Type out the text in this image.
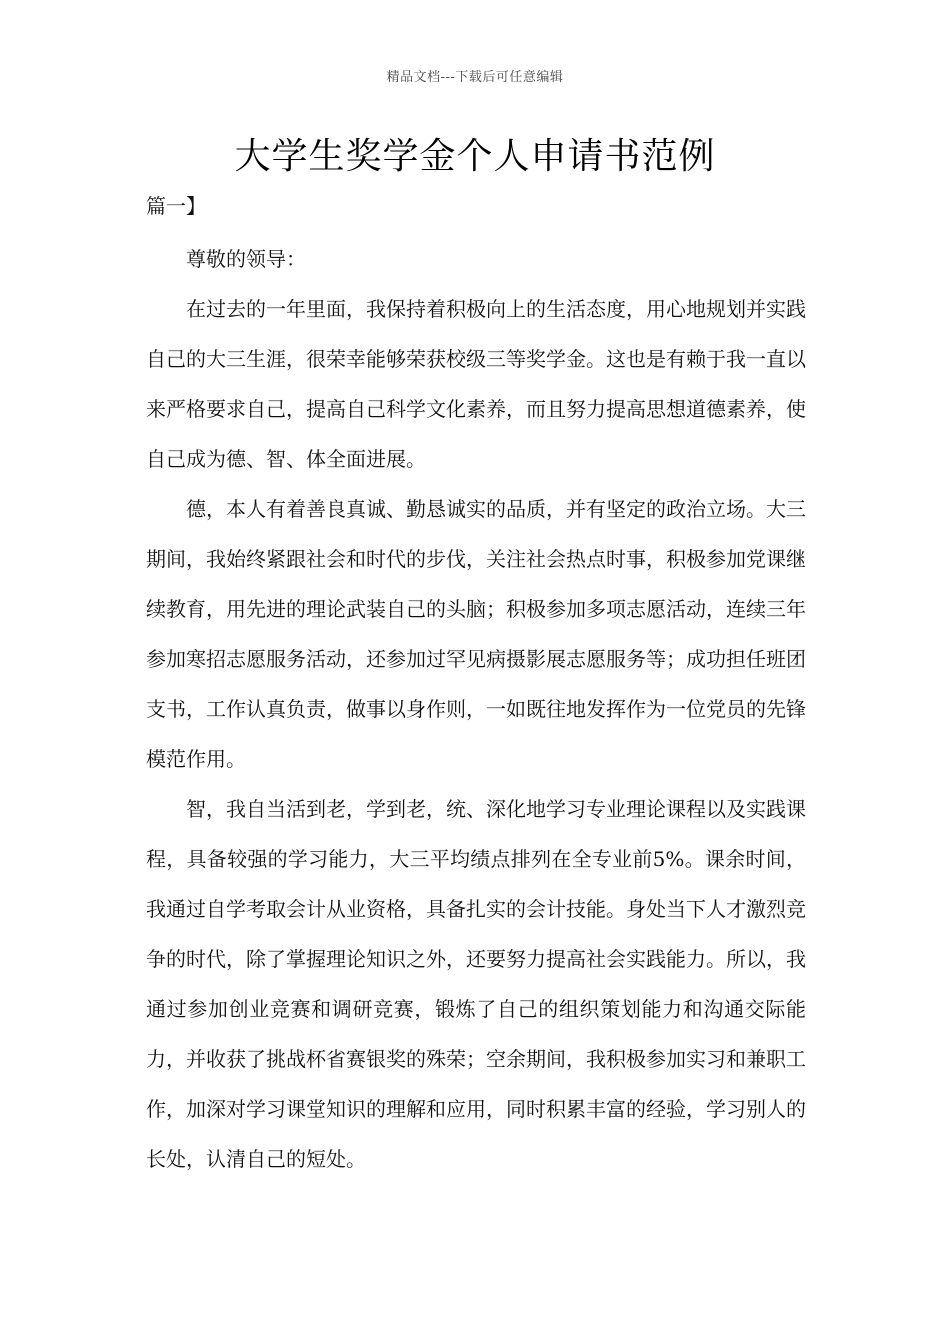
精品文档---下载后可任意编辑
大学生奖学金个人申请书范例
篇一】

尊敬的领导：

在过去的一年里面，我保持着积极向上的生活态度，用心地规划并实践自己的大三生涯，很荣幸能够荣获校级三等奖学金。这也是有赖于我一直以来严格要求自己，提高自己科学文化素养，而且努力提高思想道德素养，使自己成为德、智、体全面进展。

德，本人有着善良真诚、勤恳诚实的品质，并有坚定的政治立场。大三期间，我始终紧跟社会和时代的步伐，关注社会热点时事，积极参加党课继续教育，用先进的理论武装自己的头脑；积极参加多项志愿活动，连续三年参加寒招志愿服务活动，还参加过罕见病摄影展志愿服务等；成功担任班团支书，工作认真负责，做事以身作则，一如既往地发挥作为一位党员的先锋模范作用。

智，我自当活到老，学到老，统、深化地学习专业理论课程以及实践课程，具备较强的学习能力，大三平均绩点排列在全专业前5%。课余时间，我通过自学考取会计从业资格，具备扎实的会计技能。身处当下人才激烈竞争的时代，除了掌握理论知识之外，还要努力提高社会实践能力。所以，我通过参加创业竞赛和调研竞赛，锻炼了自己的组织策划能力和沟通交际能力，并收获了挑战杯省赛银奖的殊荣；空余期间，我积极参加实习和兼职工作，加深对学习课堂知识的理解和应用，同时积累丰富的经验，学习别人的长处，认清自己的短处。
